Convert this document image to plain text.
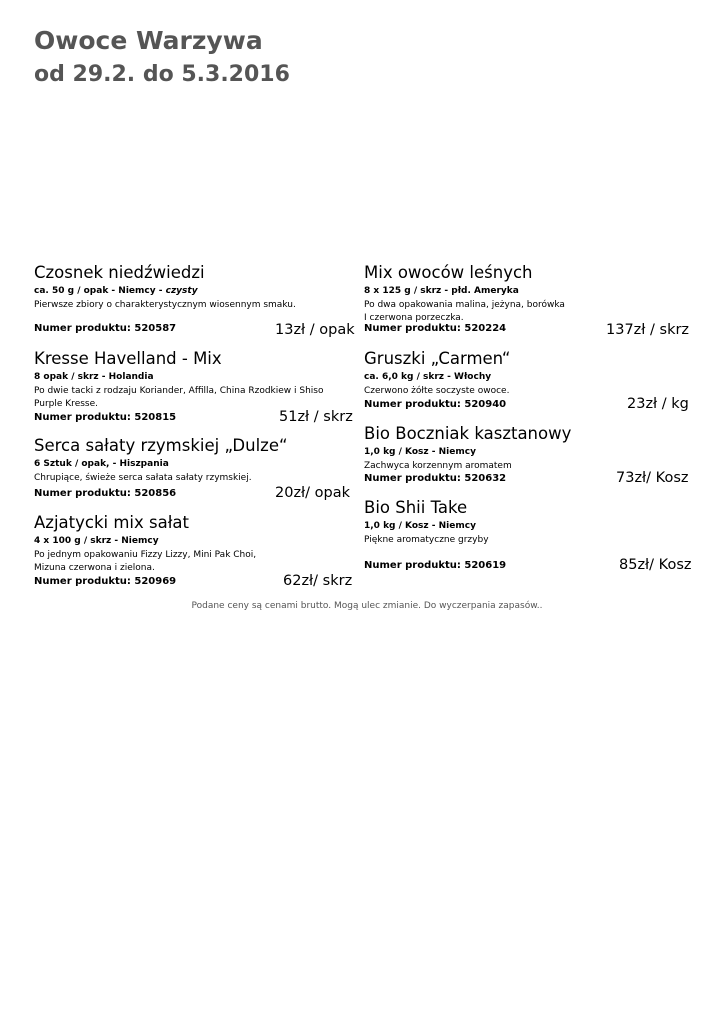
Owoce Warzywa
od 29.2. do 5.3.2016
Czosnek niedźwiedzi
ca. 50 g / opak - Niemcy - czysty
Pierwsze zbiory o charakterystycznym wiosennym smaku.
Numer produktu: 520587	13zł / opak
Kresse Havelland - Mix
8 opak / skrz - Holandia
Po dwie tacki z rodzaju Koriander, Affilla, China Rzodkiew i Shiso
Purple Kresse.
Numer produktu: 520815	51zł / skrz
Serca sałaty rzymskiej „Dulze“
6 Sztuk / opak, - Hiszpania
Chrupiące, świeże serca sałata sałaty rzymskiej.
Numer produktu: 520856	20zł/ opak
Azjatycki mix sałat
4 x 100 g / skrz - Niemcy
Po jednym opakowaniu Fizzy Lizzy, Mini Pak Choi,
Mizuna czerwona i zielona.
Numer produktu: 520969	62zł/ skrz
Mix owoców leśnych
8 x 125 g / skrz - płd. Ameryka
Po dwa opakowania malina, jeżyna, borówka
I czerwona porzeczka.
Numer produktu: 520224	137zł / skrz
Gruszki „Carmen“
ca. 6,0 kg / skrz - Włochy
Czerwono żółte soczyste owoce.
Numer produktu: 520940	23zł / kg
Bio Boczniak kasztanowy
1,0 kg / Kosz - Niemcy
Zachwyca korzennym aromatem
Numer produktu: 520632	73zł/ Kosz
Bio Shii Take
1,0 kg / Kosz - Niemcy
Piękne aromatyczne grzyby
Numer produktu: 520619	85zł/ Kosz
Podane ceny są cenami brutto. Mogą ulec zmianie. Do wyczerpania zapasów..
